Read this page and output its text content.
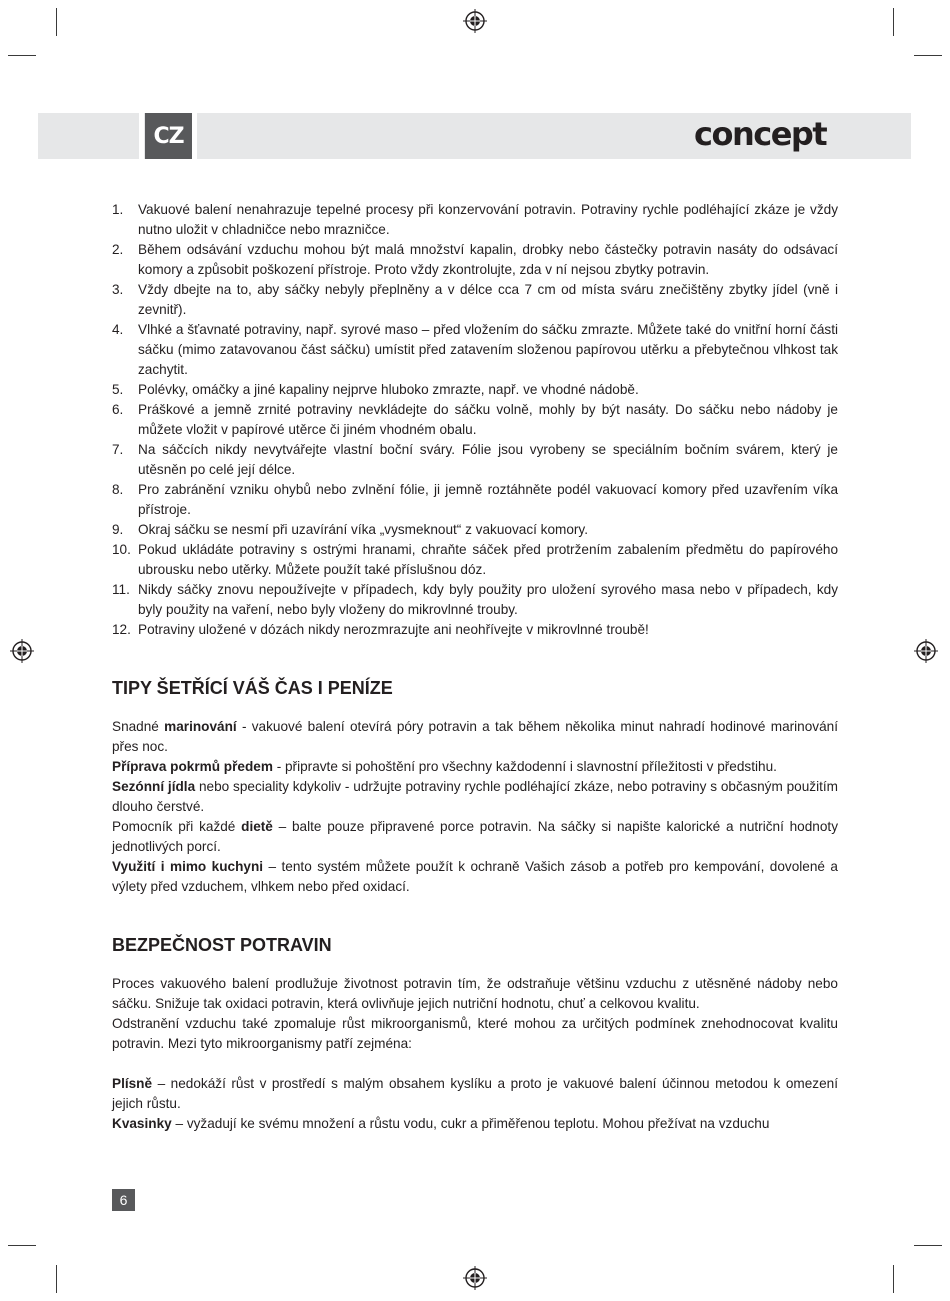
CZ	concept
1.	Vakuové balení nenahrazuje tepelné procesy při konzervování potravin. Potraviny rychle podléhající zkáze je vždy nutno uložit v chladničce nebo mrazničce.
2.	Během odsávání vzduchu mohou být malá množství kapalin, drobky nebo částečky potravin nasáty do odsávací komory a způsobit poškození přístroje. Proto vždy zkontrolujte, zda v ní nejsou zbytky potravin.
3.	Vždy dbejte na to, aby sáčky nebyly přeplněny a v délce cca 7 cm od místa sváru znečištěny zbytky jídel (vně i zevnitř).
4.	Vlhké a šťavnaté potraviny, např. syrové maso – před vložením do sáčku zmrazte. Můžete také do vnitřní horní části sáčku (mimo zatavovanou část sáčku) umístit před zatavením složenou papírovou utěrku a přebytečnou vlhkost tak zachytit.
5.	Polévky, omáčky a jiné kapaliny nejprve hluboko zmrazte, např. ve vhodné nádobě.
6.	Práškové a jemně zrnité potraviny nevkládejte do sáčku volně, mohly by být nasáty. Do sáčku nebo nádoby je můžete vložit v papírové utěrce či jiném vhodném obalu.
7.	Na sáčcích nikdy nevytvářejte vlastní boční sváry. Fólie jsou vyrobeny se speciálním bočním svárem, který je utěsněn po celé její délce.
8.	Pro zabránění vzniku ohybů nebo zvlnění fólie, ji jemně roztáhněte podél vakuovací komory před uzavřením víka přístroje.
9.	Okraj sáčku se nesmí při uzavírání víka „vysmeknout“ z vakuovací komory.
10. Pokud ukládáte potraviny s ostrými hranami, chraňte sáček před protržením zabalením předmětu do papírového ubrousku nebo utěrky. Můžete použít také příslušnou dóz.
11. Nikdy sáčky znovu nepoužívejte v případech, kdy byly použity pro uložení syrového masa nebo v případech, kdy byly použity na vaření, nebo byly vloženy do mikrovlnné trouby.
12. Potraviny uložené v dózách nikdy nerozmrazujte ani neohřívejte v mikrovlnné troubě!
TIPY ŠETŘÍCÍ VÁŠ ČAS I PENÍZE

Snadné marinování - vakuové balení otevírá póry potravin a tak během několika minut nahradí hodinové marinování přes noc.

Příprava pokrmů předem - připravte si pohoštění pro všechny každodenní i slavnostní příležitosti v předstihu.

Sezónní jídla nebo speciality kdykoliv - udržujte potraviny rychle podléhající zkáze, nebo potraviny s občasným použitím dlouho čerstvé.

Pomocník při každé dietě – balte pouze připravené porce potravin. Na sáčky si napište kalorické a nutriční hodnoty jednotlivých porcí.

Využití i mimo kuchyni – tento systém můžete použít k ochraně Vašich zásob a potřeb pro kempování, dovolené a výlety před vzduchem, vlhkem nebo před oxidací.

BEZPEČNOST POTRAVIN

Proces vakuového balení prodlužuje životnost potravin tím, že odstraňuje většinu vzduchu z utěsněné nádoby nebo sáčku. Snižuje tak oxidaci potravin, která ovlivňuje jejich nutriční hodnotu, chuť a celkovou kvalitu.

Odstranění vzduchu také zpomaluje růst mikroorganismů, které mohou za určitých podmínek znehodnocovat kvalitu potravin. Mezi tyto mikroorganismy patří zejména:

Plísně – nedokáží růst v prostředí s malým obsahem kyslíku a proto je vakuové balení účinnou metodou k omezení jejich růstu.

Kvasinky – vyžadují ke svému množení a růstu vodu, cukr a přiměřenou teplotu. Mohou přežívat na vzduchu

6
